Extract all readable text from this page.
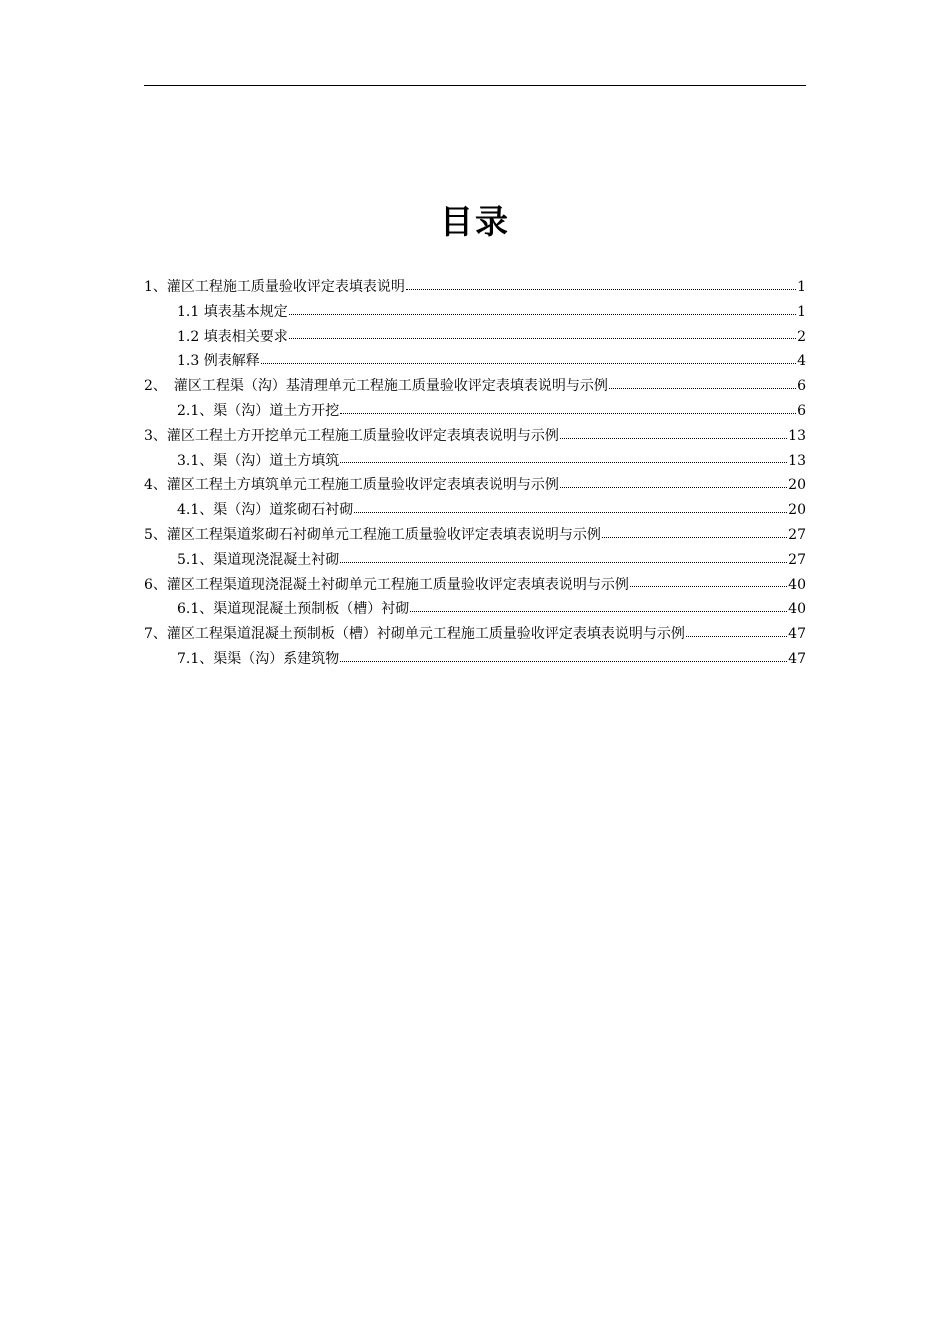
目录
1、灌区工程施工质量验收评定表填表说明	1
1.1 填表基本规定	1
1.2 填表相关要求	2
1.3 例表解释	4
2、　灌区工程渠（沟）基清理单元工程施工质量验收评定表填表说明与示例	6
2.1、渠（沟）道土方开挖	6
3、灌区工程土方开挖单元工程施工质量验收评定表填表说明与示例	13
3.1、渠（沟）道土方填筑	13
4、灌区工程土方填筑单元工程施工质量验收评定表填表说明与示例	20
4.1、渠（沟）道浆砌石衬砌	20
5、灌区工程渠道浆砌石衬砌单元工程施工质量验收评定表填表说明与示例	27
5.1、渠道现浇混凝土衬砌	27
6、灌区工程渠道现浇混凝土衬砌单元工程施工质量验收评定表填表说明与示例	40
6.1、渠道现混凝土预制板（槽）衬砌	40
7、灌区工程渠道混凝土预制板（槽）衬砌单元工程施工质量验收评定表填表说明与示例	47
7.1、渠渠（沟）系建筑物	47
